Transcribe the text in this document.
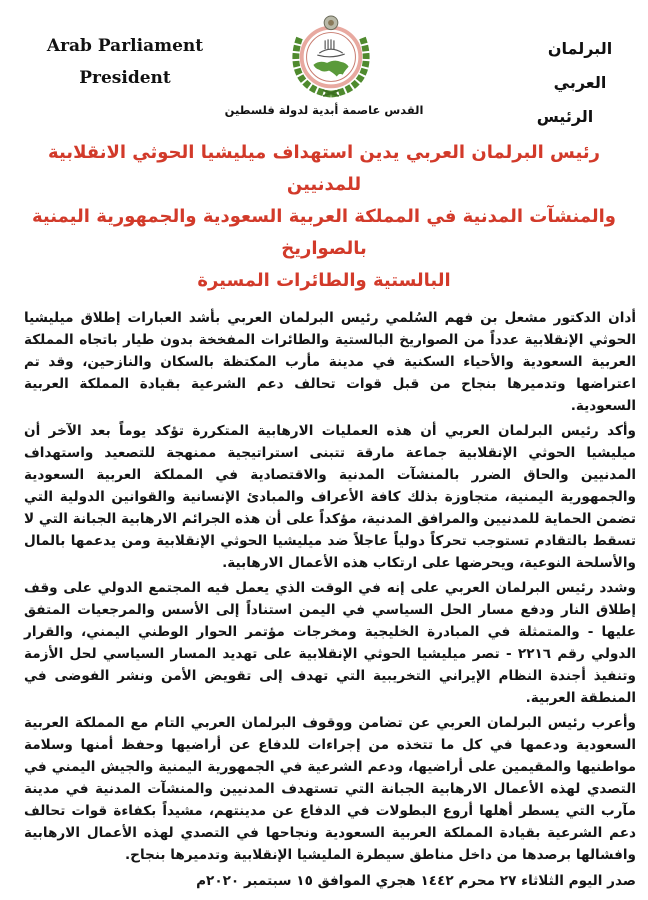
Arab Parliament
President
البرلمان العربي
الرئيس
القدس عاصمة أبدية لدولة فلسطين
رئيس البرلمان العربي يدين استهداف ميليشيا الحوثي الانقلابية للمدنيين
والمنشآت المدنية في المملكة العربية السعودية والجمهورية اليمنية بالصواريخ
البالستية والطائرات المسيرة

أدان الدكتور مشعل بن فهم السُلمي رئيس البرلمان العربي بأشد العبارات إطلاق ميليشيا الحوثي الإنقلابية عدداً من الصواريخ البالستية والطائرات المفخخة بدون طيار باتجاه المملكة العربية السعودية والأحياء السكنية في مدينة مأرب المكتظة بالسكان والنازحين، وقد تم اعتراضها وتدميرها بنجاح من قبل قوات تحالف دعم الشرعية بقيادة المملكة العربية السعودية.

وأكد رئيس البرلمان العربي أن هذه العمليات الارهابية المتكررة تؤكد يوماً بعد الآخر أن ميليشيا الحوثي الإنقلابية جماعة مارقة تتبنى استراتيجية ممنهجة للتصعيد واستهداف المدنيين والحاق الضرر بالمنشآت المدنية والاقتصادية في المملكة العربية السعودية والجمهورية اليمنية، متجاوزة بذلك كافة الأعراف والمبادئ الإنسانية والقوانين الدولية التي تضمن الحماية للمدنيين والمرافق المدنية، مؤكداً على أن هذه الجرائم الارهابية الجبانة التي لا تسقط بالتقادم تستوجب تحركاً دولياً عاجلاً ضد ميليشيا الحوثي الإنقلابية ومن يدعمها بالمال والأسلحة النوعية، ويحرضها على ارتكاب هذه الأعمال الارهابية.

وشدد رئيس البرلمان العربي على إنه في الوقت الذي يعمل فيه المجتمع الدولي على وقف إطلاق النار ودفع مسار الحل السياسي في اليمن استناداً إلى الأسس والمرجعيات المتفق عليها - والمتمثلة في المبادرة الخليجية ومخرجات مؤتمر الحوار الوطني اليمني، والقرار الدولي رقم ٢٢١٦ - تصر ميليشيا الحوثي الإنقلابية على تهديد المسار السياسي لحل الأزمة وتنفيذ أجندة النظام الإيراني التخريبية التي تهدف إلى تقويض الأمن ونشر الفوضى في المنطقة العربية.

وأعرب رئيس البرلمان العربي عن تضامن ووقوف البرلمان العربي التام مع المملكة العربية السعودية ودعمها في كل ما تتخذه من إجراءات للدفاع عن أراضيها وحفظ أمنها وسلامة مواطنيها والمقيمين على أراضيها، ودعم الشرعية في الجمهورية اليمنية والجيش اليمني في التصدي لهذه الأعمال الارهابية الجبانة التي تستهدف المدنيين والمنشآت المدنية في مدينة مآرب التي يسطر أهلها أروع البطولات في الدفاع عن مدينتهم، مشيداً بكفاءة قوات تحالف دعم الشرعية بقيادة المملكة العربية السعودية ونجاحها في التصدي لهذه الأعمال الارهابية وافشالها برصدها من داخل مناطق سيطرة المليشيا الإنقلابية وتدميرها بنجاح.

صدر اليوم الثلاثاء ٢٧ محرم ١٤٤٢ هجري الموافق ١٥ سبتمبر ٢٠٢٠م
